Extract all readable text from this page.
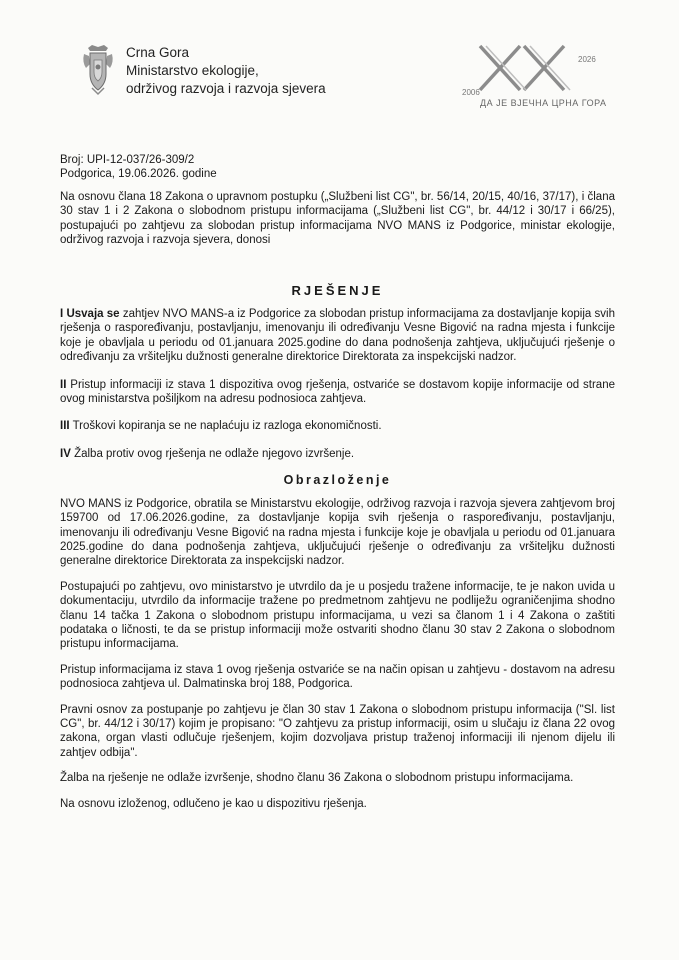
Crna Gora
Ministarstvo ekologije,
održivog razvoja i razvoja sjevera	2006
2026
ДА ЈЕ ВЈЕЧНА ЦРНА ГОРА
Broj: UPI-12-037/26-309/2
Podgorica, 19.06.2026. godine

Na osnovu člana 18 Zakona o upravnom postupku („Službeni list CG", br. 56/14, 20/15, 40/16, 37/17), i člana 30 stav 1 i 2 Zakona o slobodnom pristupu informacijama („Službeni list CG", br. 44/12 i 30/17 i 66/25), postupajući po zahtjevu za slobodan pristup informacijama NVO MANS iz Podgorice, ministar ekologije, održivog razvoja i razvoja sjevera, donosi

RJEŠENJE

I Usvaja se zahtjev NVO MANS-a iz Podgorice za slobodan pristup informacijama za dostavljanje kopija svih rješenja o raspoređivanju, postavljanju, imenovanju ili određivanju Vesne Bigović na radna mjesta i funkcije koje je obavljala u periodu od 01.januara 2025.godine do dana podnošenja zahtjeva, uključujući rješenje o određivanju za vršiteljku dužnosti generalne direktorice Direktorata za inspekcijski nadzor.

II Pristup informaciji iz stava 1 dispozitiva ovog rješenja, ostvariće se dostavom kopije informacije od strane ovog ministarstva pošiljkom na adresu podnosioca zahtjeva.

III Troškovi kopiranja se ne naplaćuju iz razloga ekonomičnosti.

IV Žalba protiv ovog rješenja ne odlaže njegovo izvršenje.

Obrazloženje

NVO MANS iz Podgorice, obratila se Ministarstvu ekologije, održivog razvoja i razvoja sjevera zahtjevom broj 159700 od 17.06.2026.godine, za dostavljanje kopija svih rješenja o raspoređivanju, postavljanju, imenovanju ili određivanju Vesne Bigović na radna mjesta i funkcije koje je obavljala u periodu od 01.januara 2025.godine do dana podnošenja zahtjeva, uključujući rješenje o određivanju za vršiteljku dužnosti generalne direktorice Direktorata za inspekcijski nadzor.

Postupajući po zahtjevu, ovo ministarstvo je utvrdilo da je u posjedu tražene informacije, te je nakon uvida u dokumentaciju, utvrdilo da informacije tražene po predmetnom zahtjevu ne podliježu ograničenjima shodno članu 14 tačka 1 Zakona o slobodnom pristupu informacijama, u vezi sa članom 1 i 4 Zakona o zaštiti podataka o ličnosti, te da se pristup informaciji može ostvariti shodno članu 30 stav 2 Zakona o slobodnom pristupu informacijama.

Pristup informacijama iz stava 1 ovog rješenja ostvariće se na način opisan u zahtjevu - dostavom na adresu podnosioca zahtjeva ul. Dalmatinska broj 188, Podgorica.

Pravni osnov za postupanje po zahtjevu je član 30 stav 1 Zakona o slobodnom pristupu informacija ("Sl. list CG", br. 44/12 i 30/17) kojim je propisano: "O zahtjevu za pristup informaciji, osim u slučaju iz člana 22 ovog zakona, organ vlasti odlučuje rješenjem, kojim dozvoljava pristup traženoj informaciji ili njenom dijelu ili zahtjev odbija".

Žalba na rješenje ne odlaže izvršenje, shodno članu 36 Zakona o slobodnom pristupu informacijama.

Na osnovu izloženog, odlučeno je kao u dispozitivu rješenja.
